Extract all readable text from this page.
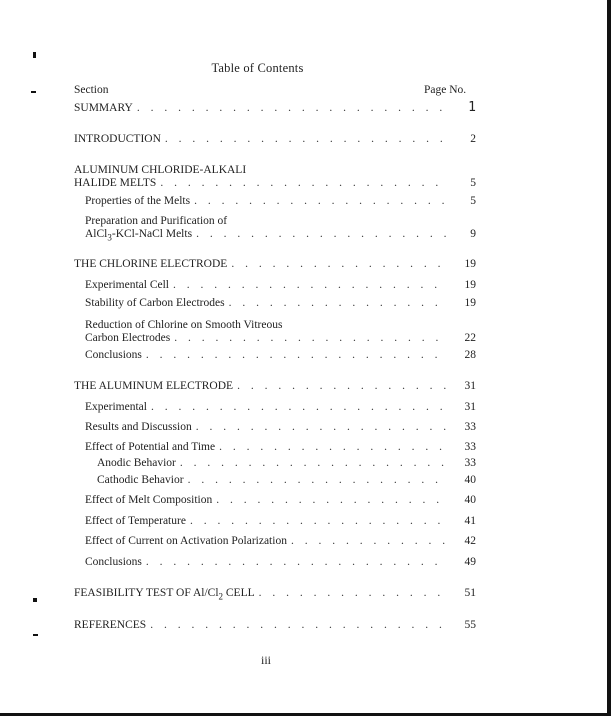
Table of Contents
Section	Page No.
SUMMARY . . .	1
INTRODUCTION . . .	2
ALUMINUM CHLORIDE-ALKALI
HALIDE MELTS . . .	5
Properties of the Melts . . .	5
Preparation and Purification of
AlCl$_3$-KCl-NaCl Melts . . .	9
THE CHLORINE ELECTRODE . . .	19
Experimental Cell . . .	19
Stability of Carbon Electrodes . . .	19
Reduction of Chlorine on Smooth Vitreous
Carbon Electrodes . . .	22
Conclusions . . .	28
THE ALUMINUM ELECTRODE . . .	31
Experimental . . .	31
Results and Discussion . . .	33
Effect of Potential and Time . . .	33
Anodic Behavior . . .	33
Cathodic Behavior . . .	40
Effect of Melt Composition . . .	40
Effect of Temperature . . .	41
Effect of Current on Activation Polarization . . .	42
Conclusions . . .	49
FEASIBILITY TEST OF $Al/Cl_2$ CELL . . .	51
REFERENCES . . .	55
iii
